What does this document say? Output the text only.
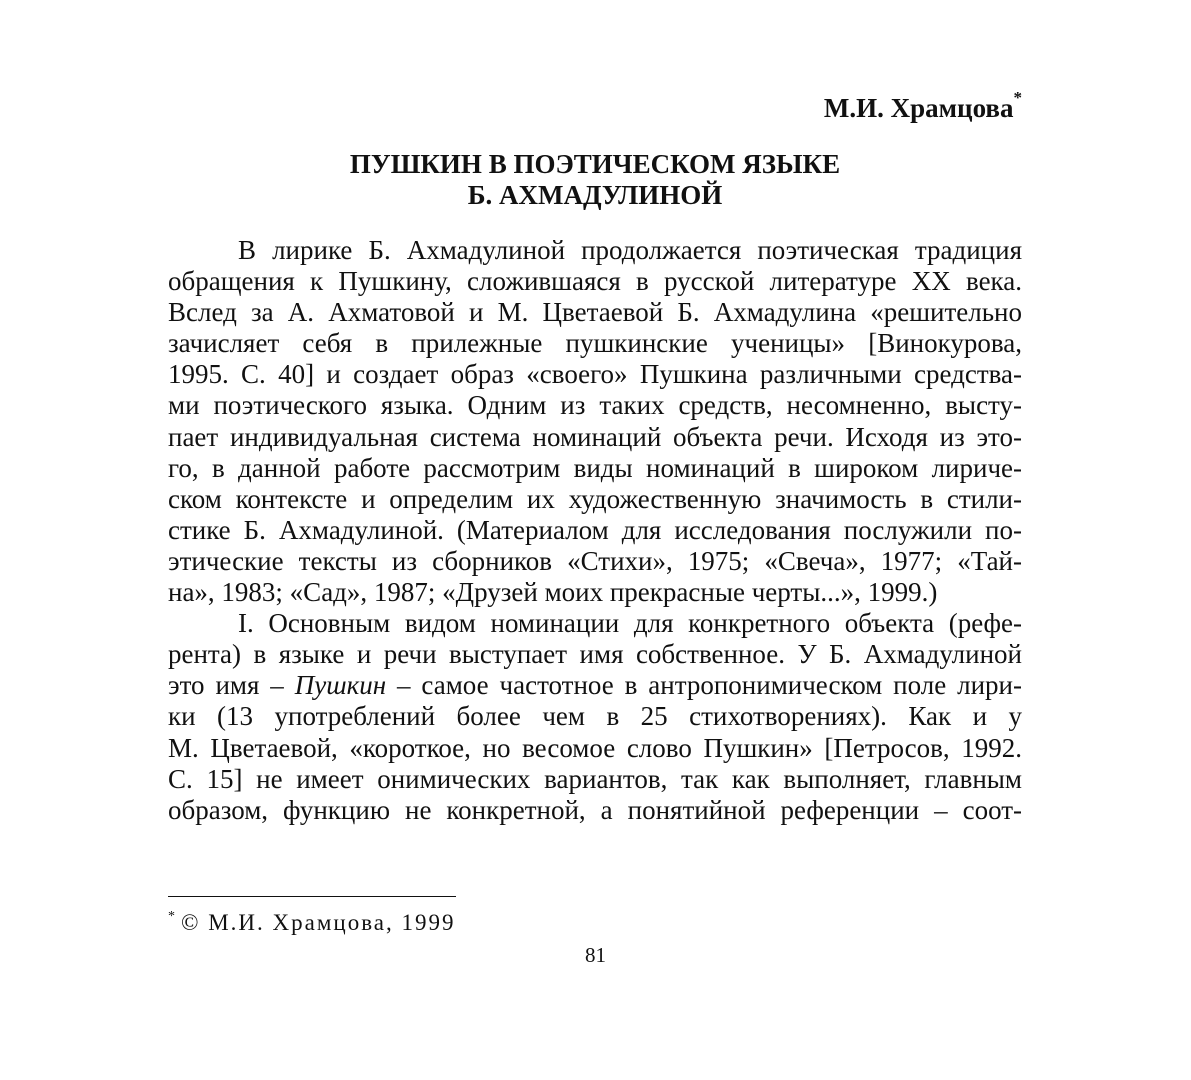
М.И. Храмцова*

ПУШКИН В ПОЭТИЧЕСКОМ ЯЗЫКЕ
Б. АХМАДУЛИНОЙ

В лирике Б. Ахмадулиной продолжается поэтическая традиция
обращения к Пушкину, сложившаяся в русской литературе XX века.
Вслед за А. Ахматовой и М. Цветаевой Б. Ахмадулина «решительно
зачисляет себя в прилежные пушкинские ученицы» [Винокурова,
1995. С. 40] и создает образ «своего» Пушкина различными средства-
ми поэтического языка. Одним из таких средств, несомненно, высту-
пает индивидуальная система номинаций объекта речи. Исходя из это-
го, в данной работе рассмотрим виды номинаций в широком лириче-
ском контексте и определим их художественную значимость в стили-
стике Б. Ахмадулиной. (Материалом для исследования послужили по-
этические тексты из сборников «Стихи», 1975; «Свеча», 1977; «Тай-
на», 1983; «Сад», 1987; «Друзей моих прекрасные черты...», 1999.)

I. Основным видом номинации для конкретного объекта (рефе-
рента) в языке и речи выступает имя собственное. У Б. Ахмадулиной
это имя – Пушкин – самое частотное в антропонимическом поле лири-
ки (13 употреблений более чем в 25 стихотворениях). Как и у
М. Цветаевой, «короткое, но весомое слово Пушкин» [Петросов, 1992.
С. 15] не имеет онимических вариантов, так как выполняет, главным
образом, функцию не конкретной, а понятийной референции – соот-

* © М.И. Храмцова, 1999
81
